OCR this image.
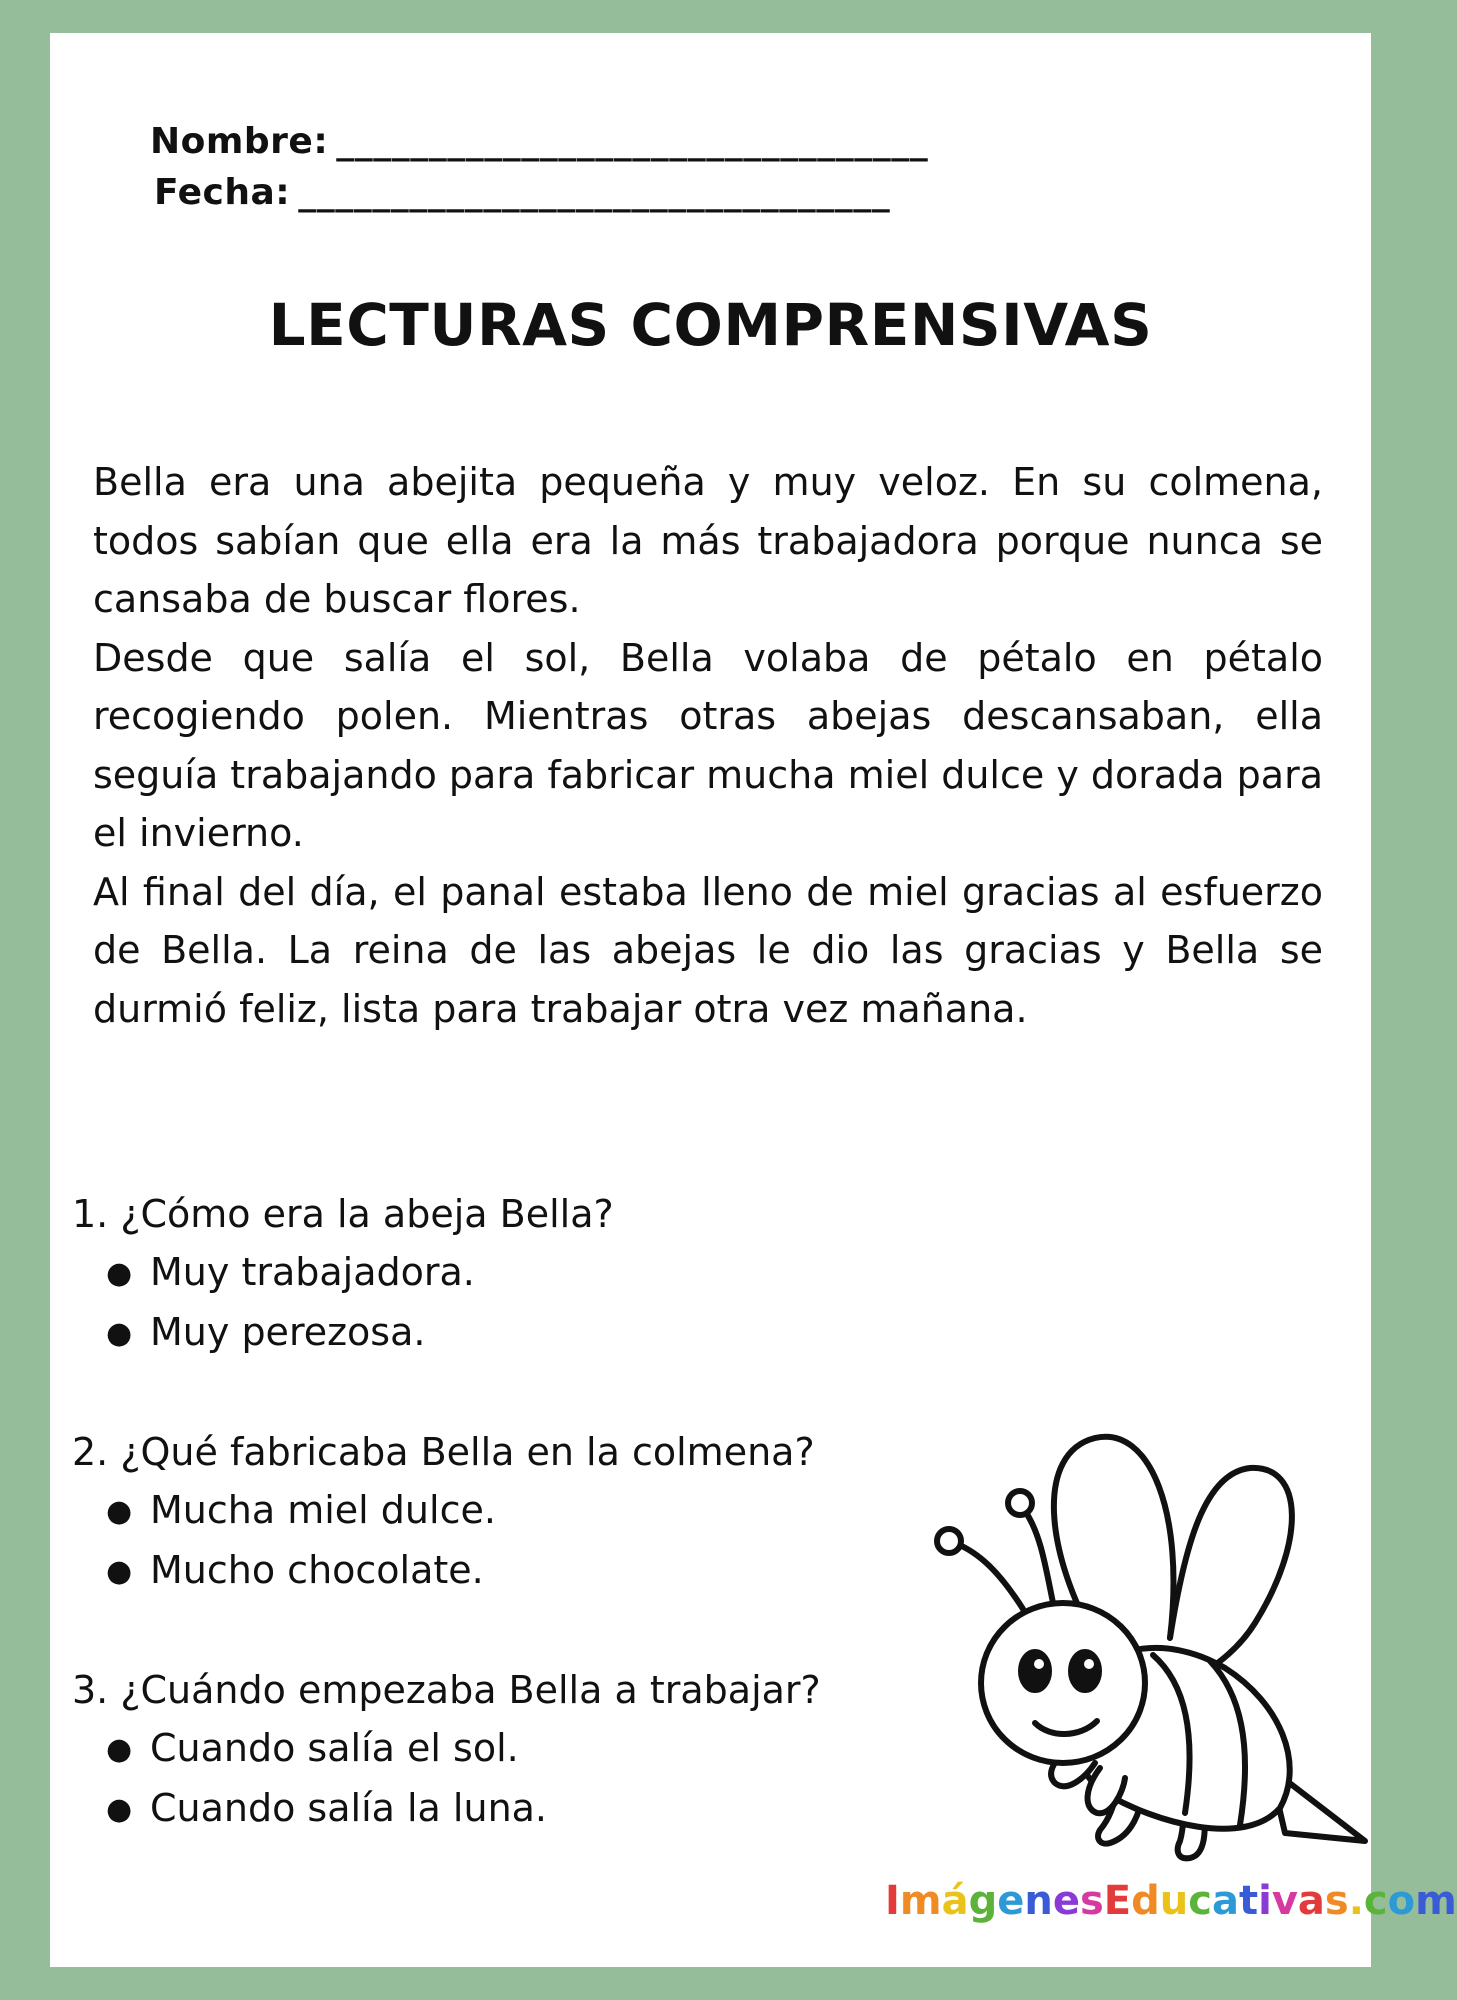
Nombre: ________________________________
Fecha: ________________________________
LECTURAS COMPRENSIVAS

Bella era una abejita pequeña y muy veloz. En su colmena, todos sabían que ella era la más trabajadora porque nunca se cansaba de buscar flores.

Desde que salía el sol, Bella volaba de pétalo en pétalo recogiendo polen. Mientras otras abejas descansaban, ella seguía trabajando para fabricar mucha miel dulce y dorada para el invierno.

Al final del día, el panal estaba lleno de miel gracias al esfuerzo de Bella. La reina de las abejas le dio las gracias y Bella se durmió feliz, lista para trabajar otra vez mañana.

1. ¿Cómo era la abeja Bella?
● Muy trabajadora.
● Muy perezosa.
2. ¿Qué fabricaba Bella en la colmena?
● Mucha miel dulce.
● Mucho chocolate.
3. ¿Cuándo empezaba Bella a trabajar?
● Cuando salía el sol.
● Cuando salía la luna.
ImágenesEducativas.com
